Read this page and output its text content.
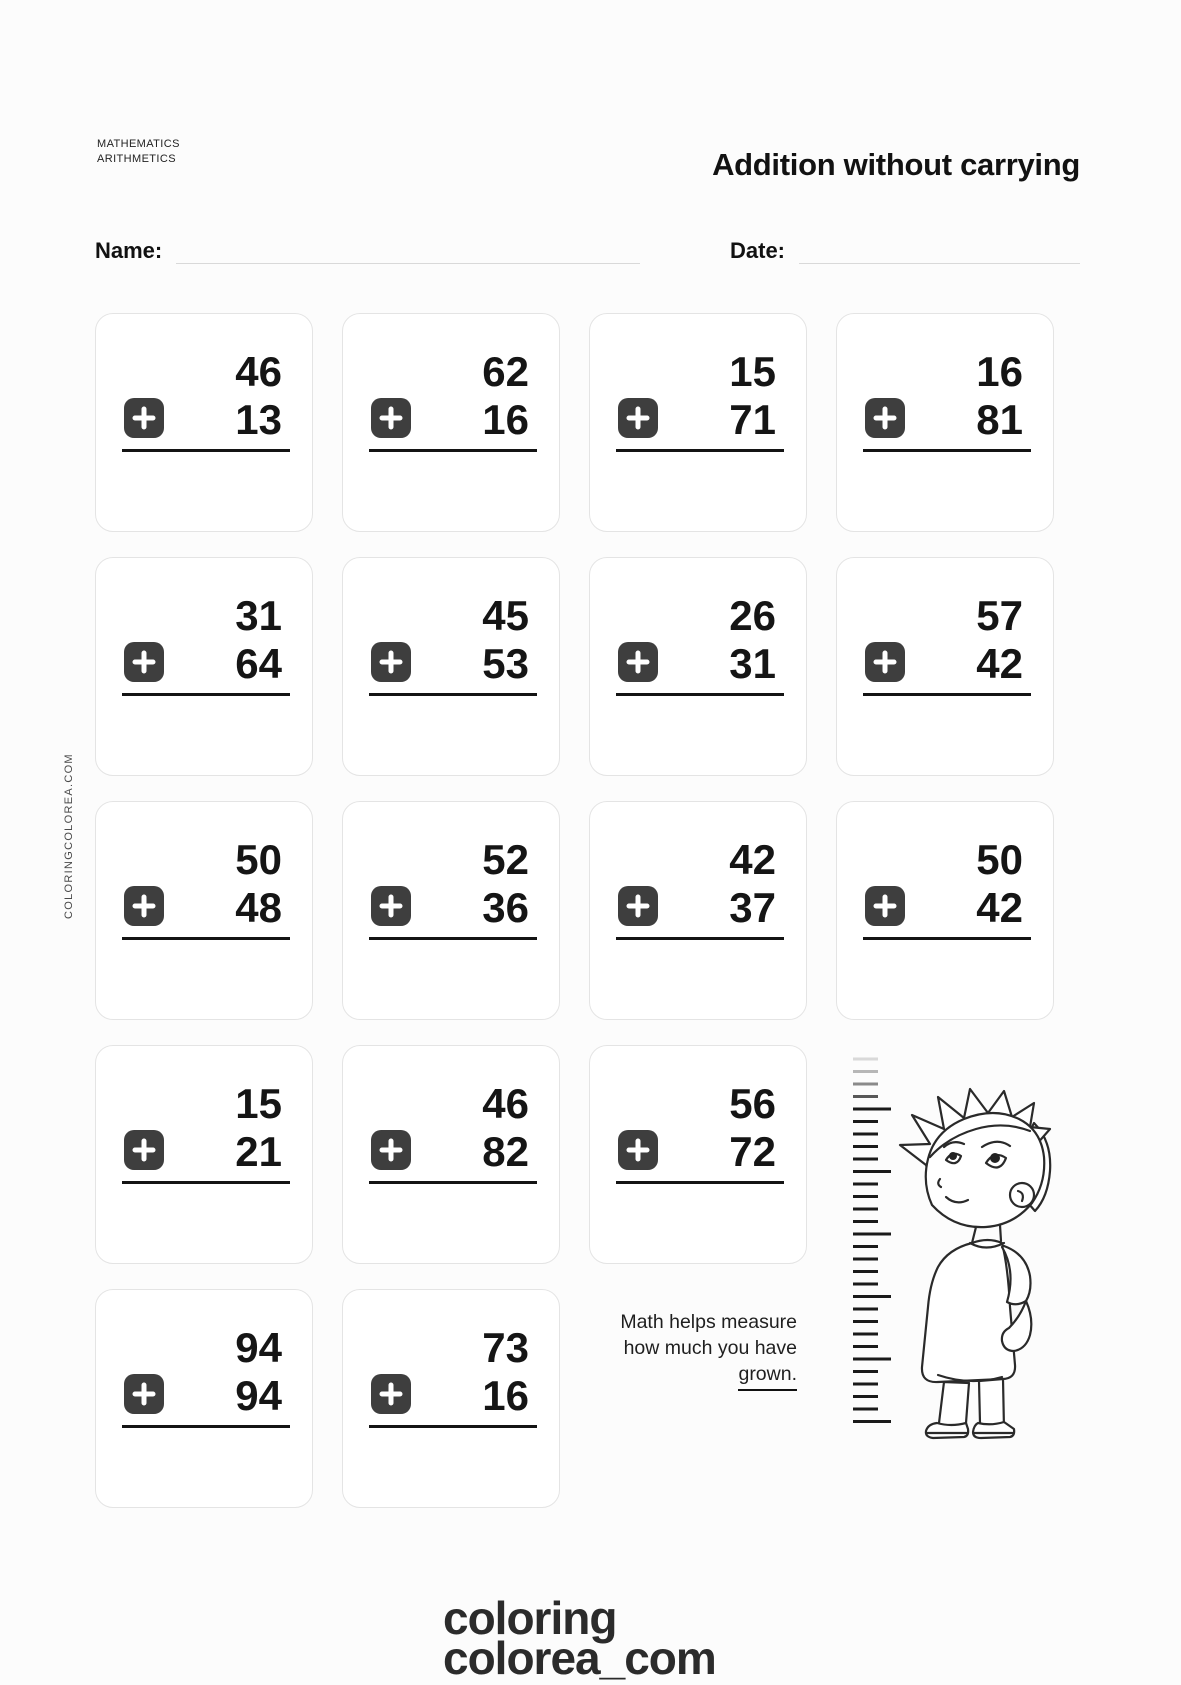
MATHEMATICS
ARITHMETICS	Addition without carrying
Name:	Date:
COLORINGCOLOREA.COM
46
13
62
16
15
71
16
81
31
64
45
53
26
31
57
42
50
48
52
36
42
37
50
42
15
21
46
82
56
72
94
94
73
16
Math helps measure
how much you have
grown.
coloring
colorea_com
